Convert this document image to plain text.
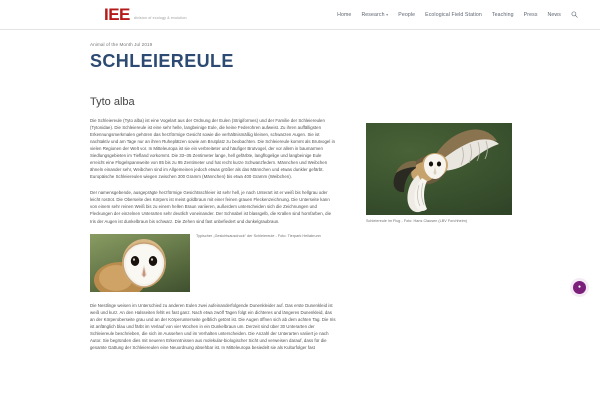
IEE division of ecology & evolution
Home Research ▾ People Ecological Field Station Teaching Press News
Animal of the Month Jul 2019
SCHLEIEREULE
Tyto alba

Die Schleiereule (Tyto alba) ist eine Vogelart aus der Ordnung der Eulen (Strigiformes) und der Familie der Schleiereulen (Tytonidae). Die Schleiereule ist eine sehr helle, langbeinige Eule, die keine Federohren aufweist. Zu ihren auffälligsten Erkennungsmerkmalen gehören das herzförmige Gesicht sowie die verhältnismäßig kleinen, schwarzen Augen. Sie ist nachtaktiv und am Tage nur an ihren Ruheplätzen sowie am Brutplatz zu beobachten. Die Schleiereule kommt als Brutvogel in vielen Regionen der Welt vor. In Mitteleuropa ist sie ein verbreiteter und häufiger Brutvogel, der vor allem in baumarmen Siedlungsgebieten im Tiefland vorkommt. Die 33–35 Zentimeter lange, hell gefärbte, langflügelige und langbeinige Eule erreicht eine Flügelspannweite von 85 bis zu 95 Zentimeter und hat recht kurze Schwanzfedern. Männchen und Weibchen ähneln einander sehr, Weibchen sind im Allgemeinen jedoch etwas größer als das Männchen und etwas dunkler gefärbt. Europäische Schleiereulen wiegen zwischen 300 Gramm (Männchen) bis etwa 400 Gramm (Weibchen).

Der namensgebende, ausgeprägte herzförmige Gesichtsschleier ist sehr hell, je nach Unterart ist er weiß bis hellgrau oder leicht rostrot. Die Oberseite des Körpers ist meist goldbraun mit einer feinen grauen Fleckenzeichnung. Die Unterseite kann von einem sehr reinen Weiß bis zu einem hellen Braun variieren, außerdem unterscheiden sich die Zeichnungen und Fleckungen der einzelnen Unterarten sehr deutlich voneinander. Der Schnabel ist blassgelb, die Krallen sind hornfarben, die Iris der Augen ist dunkelbraun bis schwarz. Die Zehen sind fast unbefiedert und dunkelgraubraun.

Typischer „Gesichtsausdruck“ der Schleiereule - Foto: Tierpark Hellabrunn

Die Nestlinge weisen im Unterschied zu anderen Eulen zwei aufeinanderfolgende Dunenkleider auf. Das erste Dunenkleid ist weiß und kurz. An den Halsseiten fehlt es fast ganz. Nach etwa zwölf Tagen folgt ein dichteres und längeres Dunenkleid, das an der Körperoberseite grau und an der Körperunterseite gelblich getönt ist. Die Augen öffnen sich ab dem achten Tag. Die Iris ist anfänglich blau und färbt im Verlauf von vier Wochen in ein Dunkelbraun um. Derzeit sind über 30 Unterarten der Schleiereule beschrieben, die sich im Aussehen und im Verhalten unterscheiden. Die Anzahl der Unterarten variiert je nach Autor. Sie begründen dies mit neueren Erkenntnissen aus molekular-biologischer Sicht und verweisen darauf, dass für die gesamte Gattung der Schleiereulen eine Neuordnung absehbar ist. In Mitteleuropa besiedelt sie als Kulturfolger fast

Schleiereule im Flug - Foto: Hans Clausen (LBV Forchheim)
●
